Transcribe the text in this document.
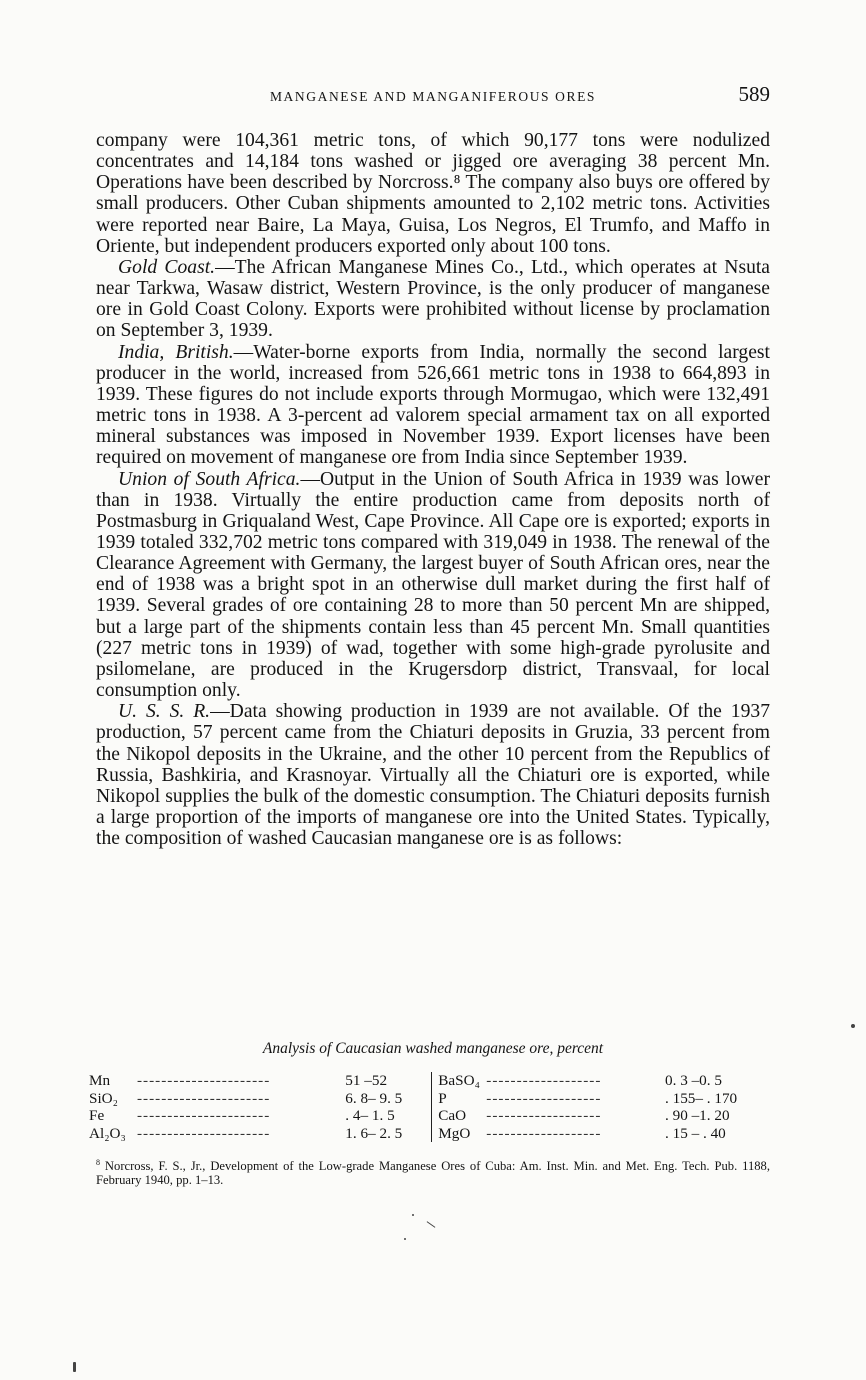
MANGANESE AND MANGANIFEROUS ORES	589

company were 104,361 metric tons, of which 90,177 tons were nodulized concentrates and 14,184 tons washed or jigged ore averaging 38 percent Mn. Operations have been described by Norcross.⁸ The company also buys ore offered by small producers. Other Cuban shipments amounted to 2,102 metric tons. Activities were reported near Baire, La Maya, Guisa, Los Negros, El Trumfo, and Maffo in Oriente, but independent producers exported only about 100 tons.

Gold Coast.—The African Manganese Mines Co., Ltd., which operates at Nsuta near Tarkwa, Wasaw district, Western Province, is the only producer of manganese ore in Gold Coast Colony. Exports were prohibited without license by proclamation on September 3, 1939.

India, British.—Water-borne exports from India, normally the second largest producer in the world, increased from 526,661 metric tons in 1938 to 664,893 in 1939. These figures do not include exports through Mormugao, which were 132,491 metric tons in 1938. A 3-percent ad valorem special armament tax on all exported mineral substances was imposed in November 1939. Export licenses have been required on movement of manganese ore from India since September 1939.

Union of South Africa.—Output in the Union of South Africa in 1939 was lower than in 1938. Virtually the entire production came from deposits north of Postmasburg in Griqualand West, Cape Province. All Cape ore is exported; exports in 1939 totaled 332,702 metric tons compared with 319,049 in 1938. The renewal of the Clearance Agreement with Germany, the largest buyer of South African ores, near the end of 1938 was a bright spot in an otherwise dull market during the first half of 1939. Several grades of ore containing 28 to more than 50 percent Mn are shipped, but a large part of the shipments contain less than 45 percent Mn. Small quantities (227 metric tons in 1939) of wad, together with some high-grade pyrolusite and psilomelane, are produced in the Krugersdorp district, Transvaal, for local consumption only.

U. S. S. R.—Data showing production in 1939 are not available. Of the 1937 production, 57 percent came from the Chiaturi deposits in Gruzia, 33 percent from the Nikopol deposits in the Ukraine, and the other 10 percent from the Republics of Russia, Bashkiria, and Krasnoyar. Virtually all the Chiaturi ore is exported, while Nikopol supplies the bulk of the domestic consumption. The Chiaturi deposits furnish a large proportion of the imports of manganese ore into the United States. Typically, the composition of washed Caucasian manganese ore is as follows:

Analysis of Caucasian washed manganese ore, percent
Mn	----------------------	51 –52		BaSO₄	-------------------	0. 3 –0. 5
SiO₂	----------------------	6. 8– 9. 5		P	-------------------	. 155– . 170
Fe	----------------------	. 4– 1. 5		CaO	-------------------	. 90 –1. 20
Al₂O₃	----------------------	1. 6– 2. 5		MgO	-------------------	. 15 – . 40
$^8$ Norcross, F. S., Jr., Development of the Low-grade Manganese Ores of Cuba: Am. Inst. Min. and Met. Eng. Tech. Pub. 1188, February 1940, pp. 1–13.
